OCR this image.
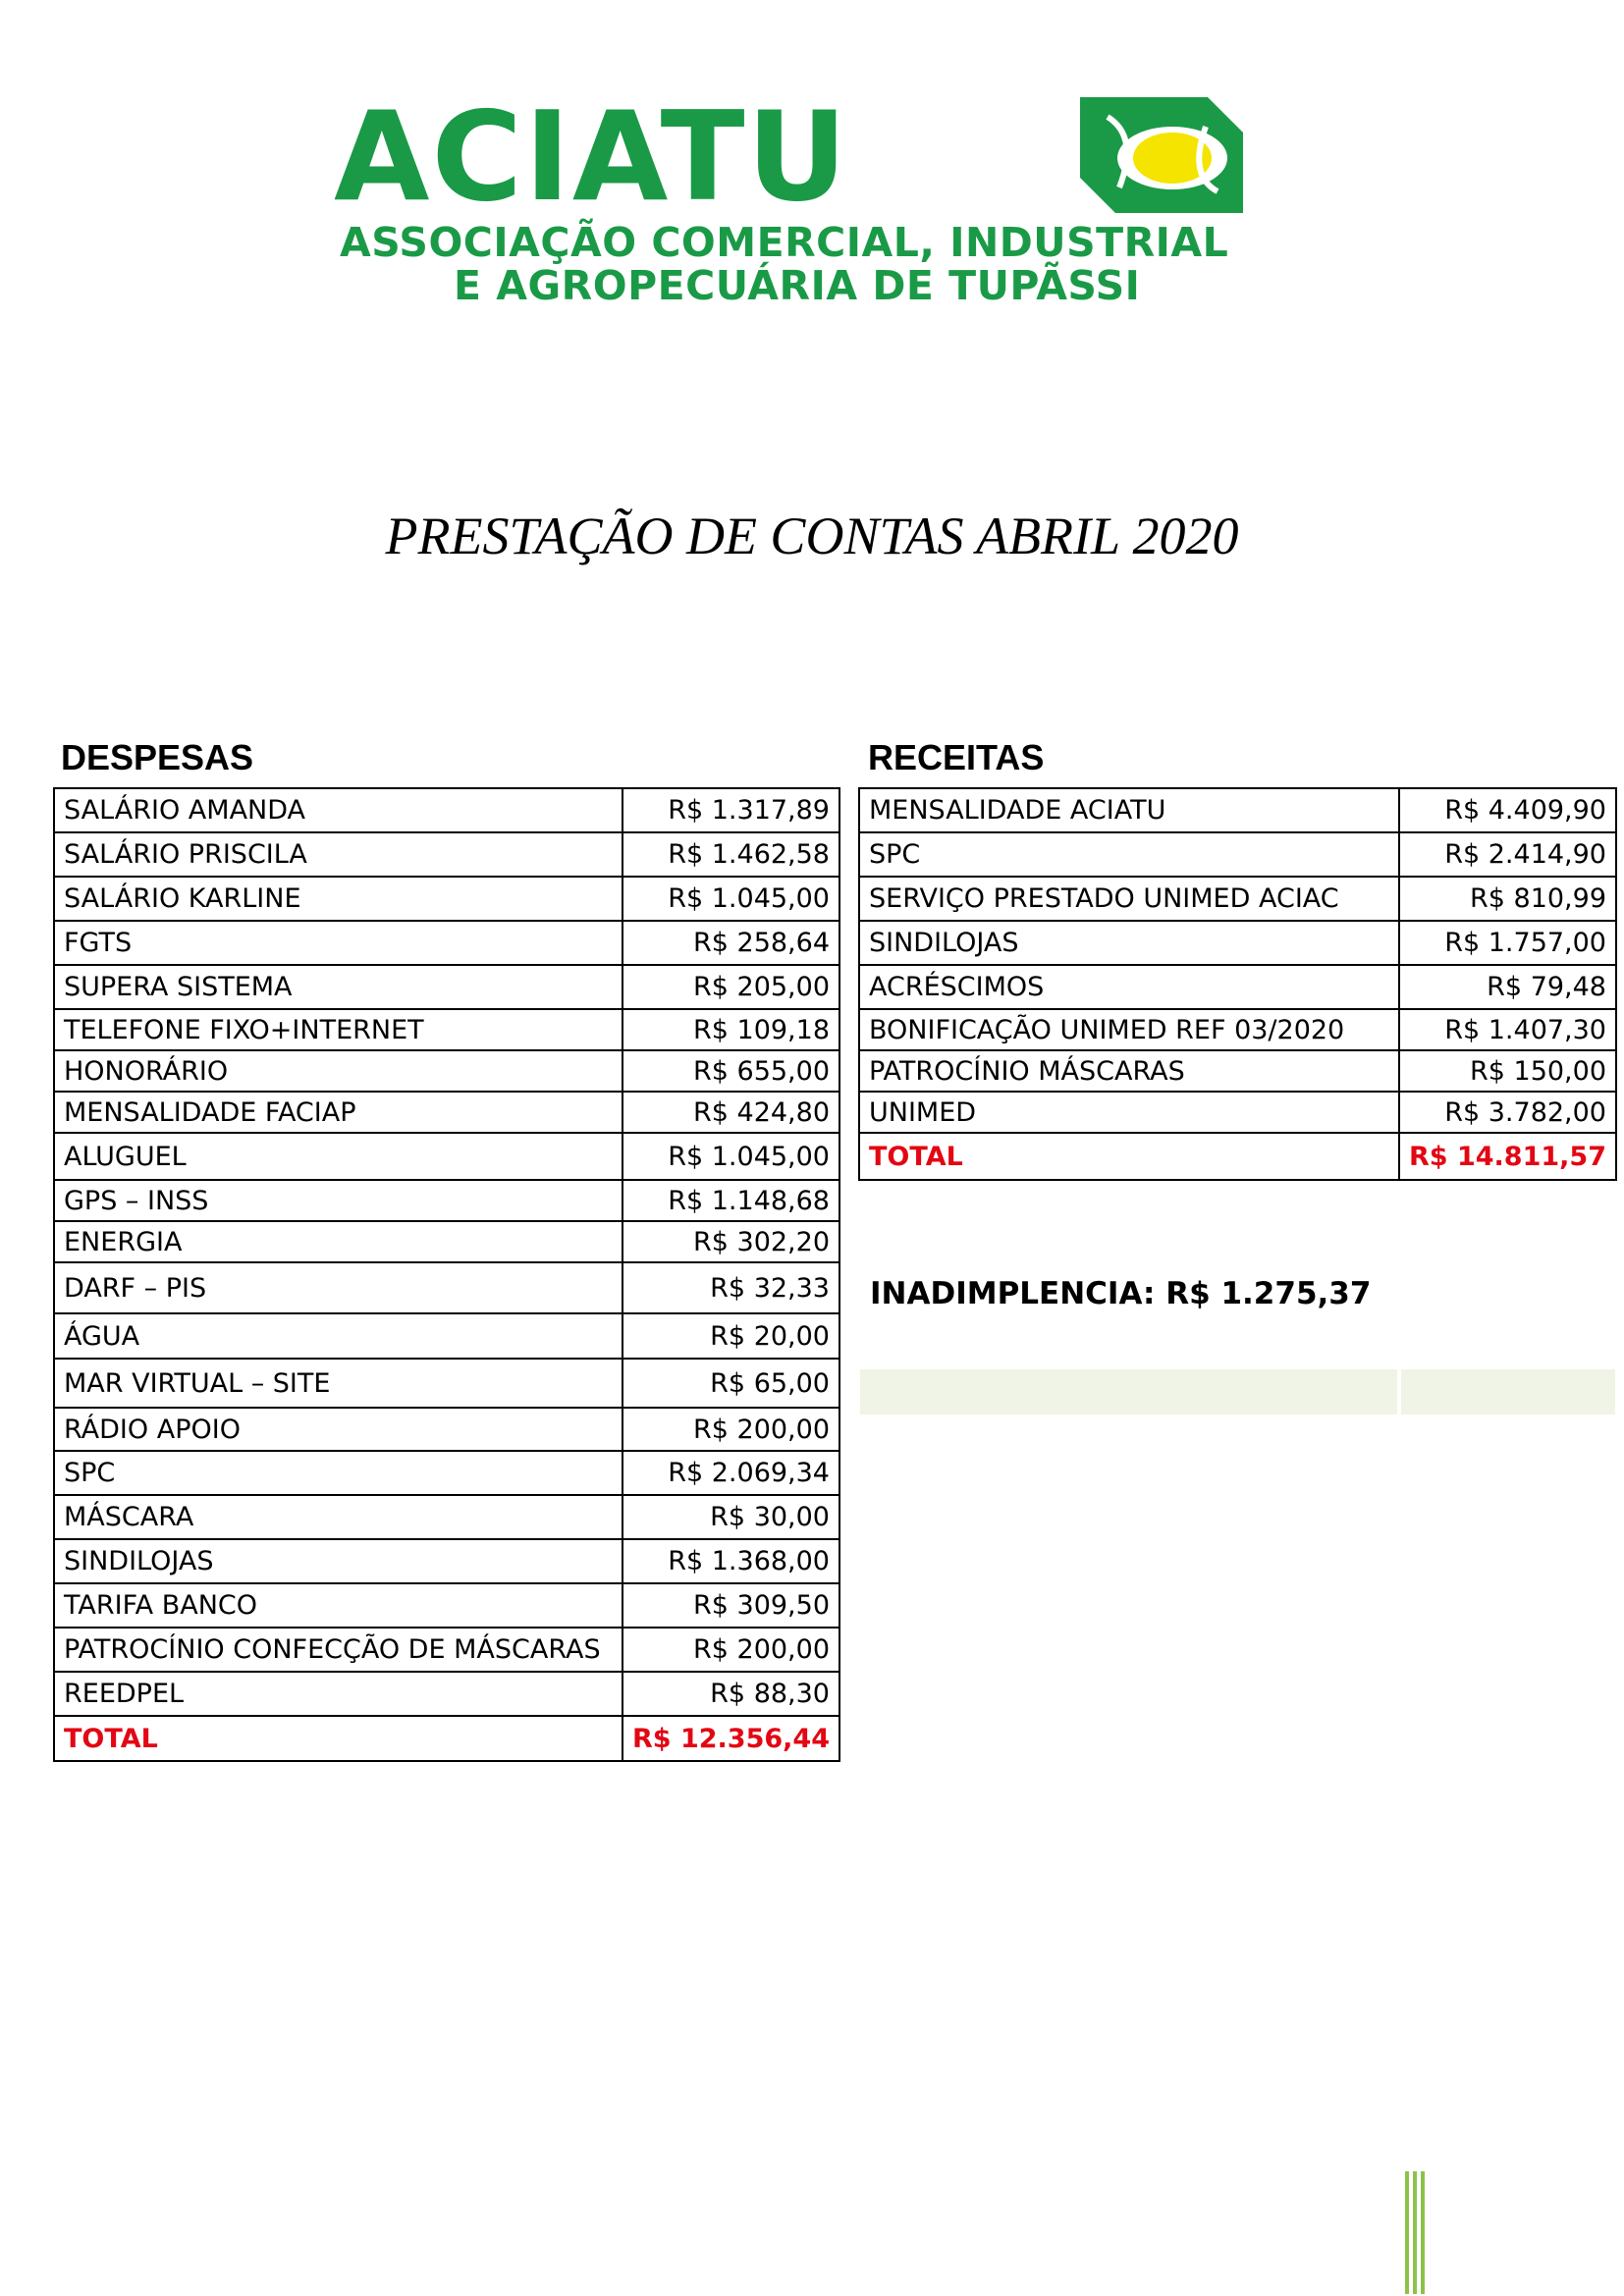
ACIATU
ASSOCIAÇÃO COMERCIAL, INDUSTRIAL
E AGROPECUÁRIA DE TUPÃSSI
PRESTAÇÃO DE CONTAS ABRIL 2020
DESPESAS	RECEITAS
SALÁRIO AMANDA	R$ 1.317,89
SALÁRIO PRISCILA	R$ 1.462,58
SALÁRIO KARLINE	R$ 1.045,00
FGTS	R$ 258,64
SUPERA SISTEMA	R$ 205,00
TELEFONE FIXO+INTERNET	R$ 109,18
HONORÁRIO	R$ 655,00
MENSALIDADE FACIAP	R$ 424,80
ALUGUEL	R$ 1.045,00
GPS – INSS	R$ 1.148,68
ENERGIA	R$ 302,20
DARF – PIS	R$ 32,33
ÁGUA	R$ 20,00
MAR VIRTUAL – SITE	R$ 65,00
RÁDIO APOIO	R$ 200,00
SPC	R$ 2.069,34
MÁSCARA	R$ 30,00
SINDILOJAS	R$ 1.368,00
TARIFA BANCO	R$ 309,50
PATROCÍNIO CONFECÇÃO DE MÁSCARAS	R$ 200,00
REEDPEL	R$ 88,30
TOTAL	R$ 12.356,44
MENSALIDADE ACIATU	R$ 4.409,90
SPC	R$ 2.414,90
SERVIÇO PRESTADO UNIMED ACIAC	R$ 810,99
SINDILOJAS	R$ 1.757,00
ACRÉSCIMOS	R$ 79,48
BONIFICAÇÃO UNIMED REF 03/2020	R$ 1.407,30
PATROCÍNIO MÁSCARAS	R$ 150,00
UNIMED	R$ 3.782,00
TOTAL	R$ 14.811,57
INADIMPLENCIA: R$ 1.275,37
